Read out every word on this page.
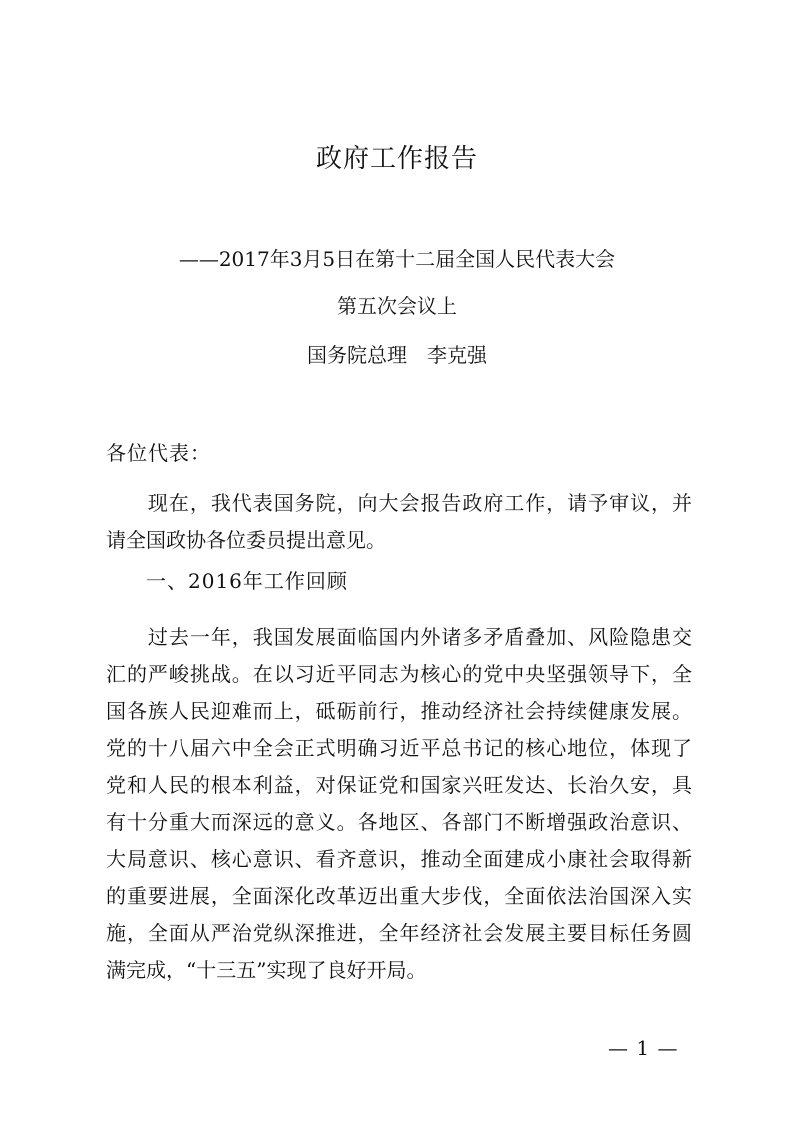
政府工作报告
——2017年3月5日在第十二届全国人民代表大会
第五次会议上
国务院总理　李克强
各位代表：
　　现在，我代表国务院，向大会报告政府工作，请予审议，并
请全国政协各位委员提出意见。
一、2016年工作回顾
　　过去一年，我国发展面临国内外诸多矛盾叠加、风险隐患交
汇的严峻挑战。在以习近平同志为核心的党中央坚强领导下，全
国各族人民迎难而上，砥砺前行，推动经济社会持续健康发展。
党的十八届六中全会正式明确习近平总书记的核心地位，体现了
党和人民的根本利益，对保证党和国家兴旺发达、长治久安，具
有十分重大而深远的意义。各地区、各部门不断增强政治意识、
大局意识、核心意识、看齐意识，推动全面建成小康社会取得新
的重要进展，全面深化改革迈出重大步伐，全面依法治国深入实
施，全面从严治党纵深推进，全年经济社会发展主要目标任务圆
满完成，“十三五”实现了良好开局。
— 1 —
